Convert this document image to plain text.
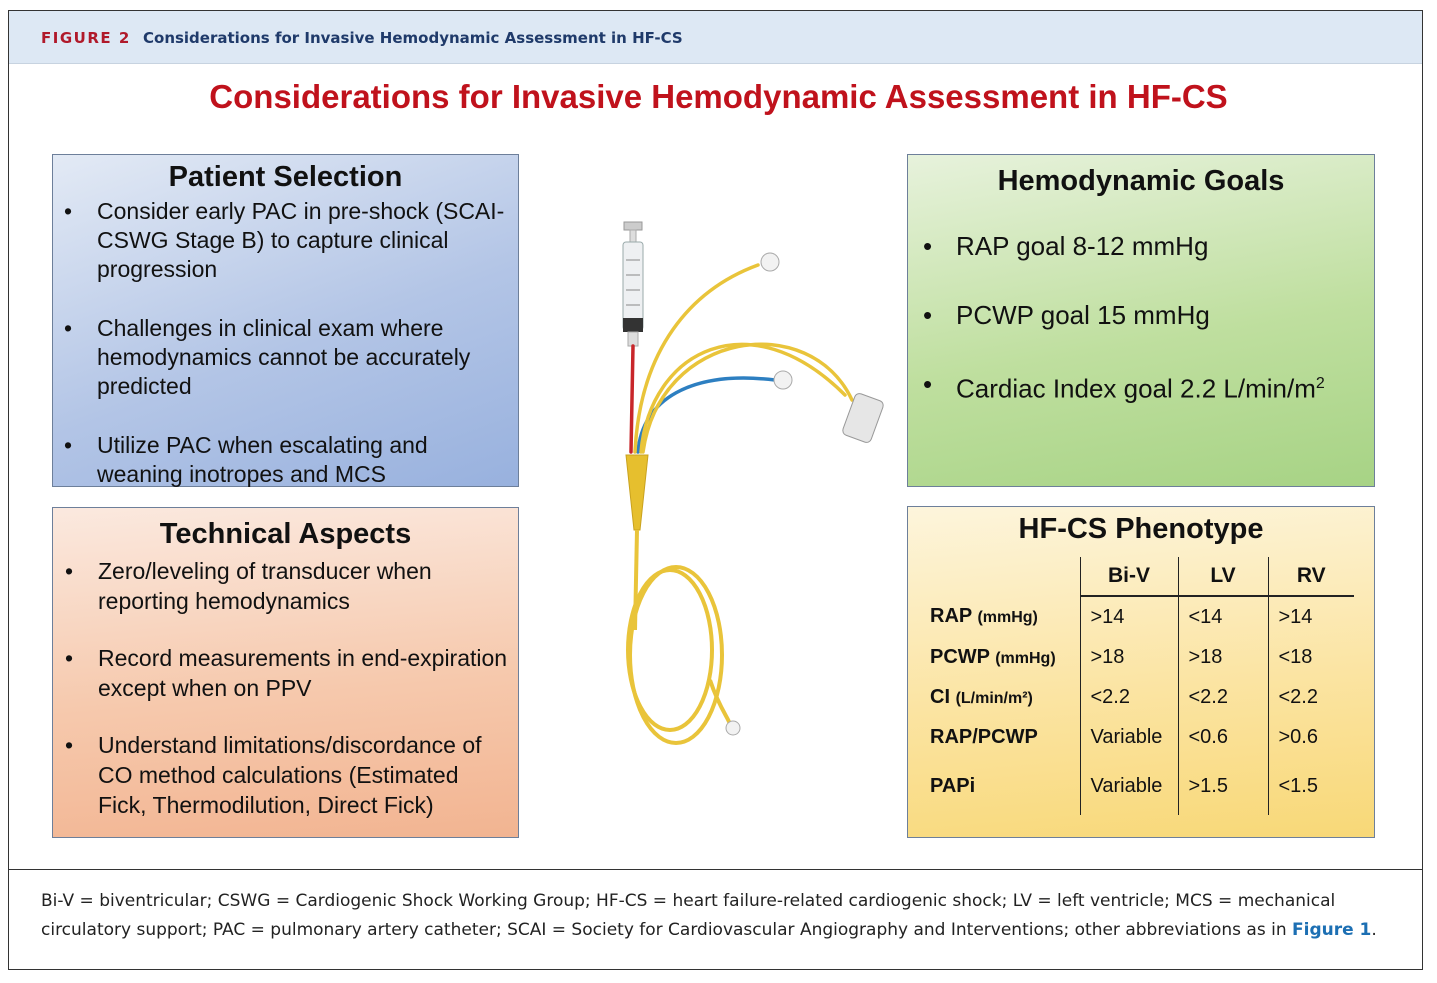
FIGURE 2 Considerations for Invasive Hemodynamic Assessment in HF-CS
Bi-V = biventricular; CSWG = Cardiogenic Shock Working Group; HF-CS = heart failure-related cardiogenic shock; LV = left ventricle; MCS = mechanical circulatory support; PAC = pulmonary artery catheter; SCAI = Society for Cardiovascular Angiography and Interventions; other abbreviations as in Figure 1.
Considerations for Invasive Hemodynamic Assessment in HF-CS
Patient Selection
• Consider early PAC in pre-shock (SCAI-CSWG Stage B) to capture clinical progression
• Challenges in clinical exam where hemodynamics cannot be accurately predicted
• Utilize PAC when escalating and weaning inotropes and MCS
Technical Aspects
• Zero/leveling of transducer when reporting hemodynamics
• Record measurements in end-expiration except when on PPV
• Understand limitations/discordance of CO method calculations (Estimated Fick, Thermodilution, Direct Fick)
Hemodynamic Goals
• RAP goal 8-12 mmHg
• PCWP goal 15 mmHg
• Cardiac Index goal 2.2 $L/\min/m^2$
HF-CS Phenotype
	Bi-V	LV	RV
RAP (mmHg)	>14	<14	>14
PCWP (mmHg)	>18	>18	<18
CI (L/min/m²)	<2.2	<2.2	<2.2
RAP/PCWP	Variable	<0.6	>0.6
PAPi	Variable	>1.5	<1.5
